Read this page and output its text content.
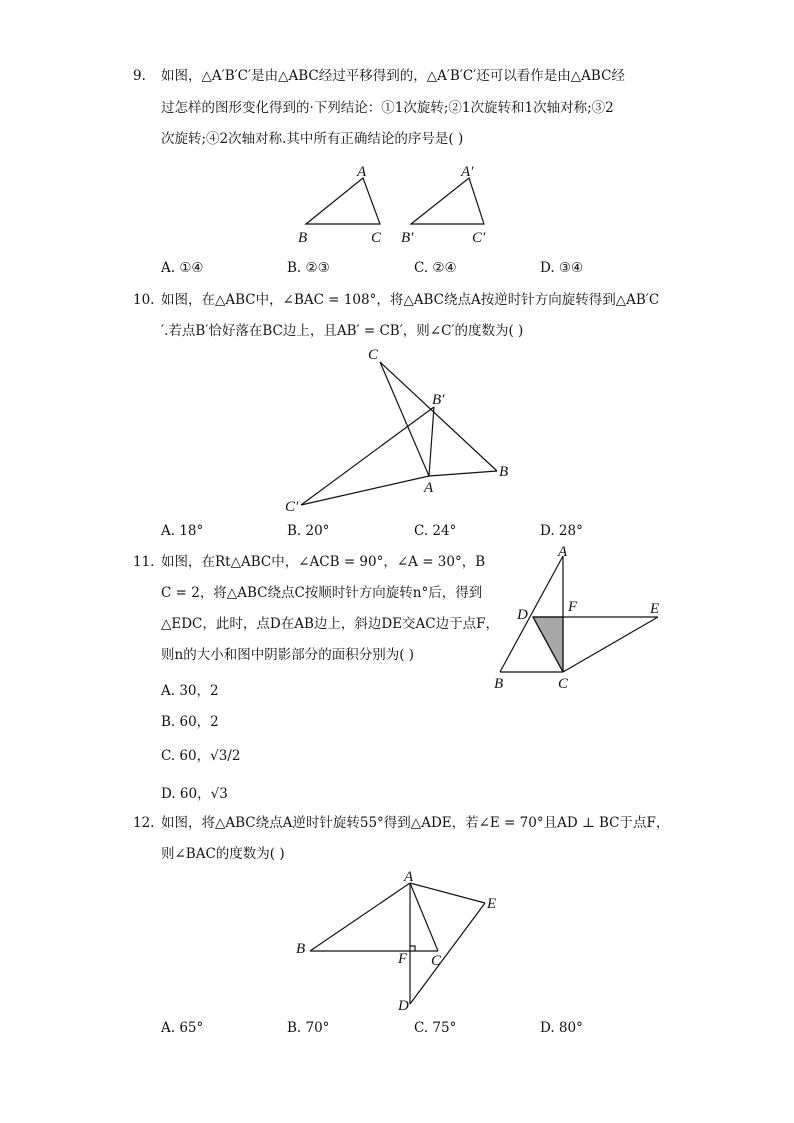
9. 如图，△A′B′C′是由△ABC经过平移得到的，△A′B′C′还可以看作是由△ABC经
过怎样的图形变化得到的·下列结论：①1次旋转;②1次旋转和1次轴对称;③2
次旋转;④2次轴对称.其中所有正确结论的序号是( )
A
B	C
A′
B′	C′
A. ①④	B. ②③	C. ②④	D. ③④
10. 如图，在△ABC中，∠BAC = 108°，将△ABC绕点A按逆时针方向旋转得到△AB′C
′.若点B′恰好落在BC边上，且AB′ = CB′，则∠C′的度数为( )
C
B′
B
A
C′
A. 18°	B. 20°	C. 24°	D. 28°
11. 如图，在Rt△ABC中，∠ACB = 90°，∠A = 30°，B
C = 2，将△ABC绕点C按顺时针方向旋转n°后，得到
△EDC，此时，点D在AB边上，斜边DE交AC边于点F，
则n的大小和图中阴影部分的面积分别为( )
A
D	F	E
B	C
A. 30，2
B. 60，2
C. 60，√3/2
D. 60，√3
12. 如图，将△ABC绕点A逆时针旋转55°得到△ADE，若∠E = 70°且AD ⊥ BC于点F，
则∠BAC的度数为( )
A
E
B
F C
D
A. 65°	B. 70°	C. 75°	D. 80°
